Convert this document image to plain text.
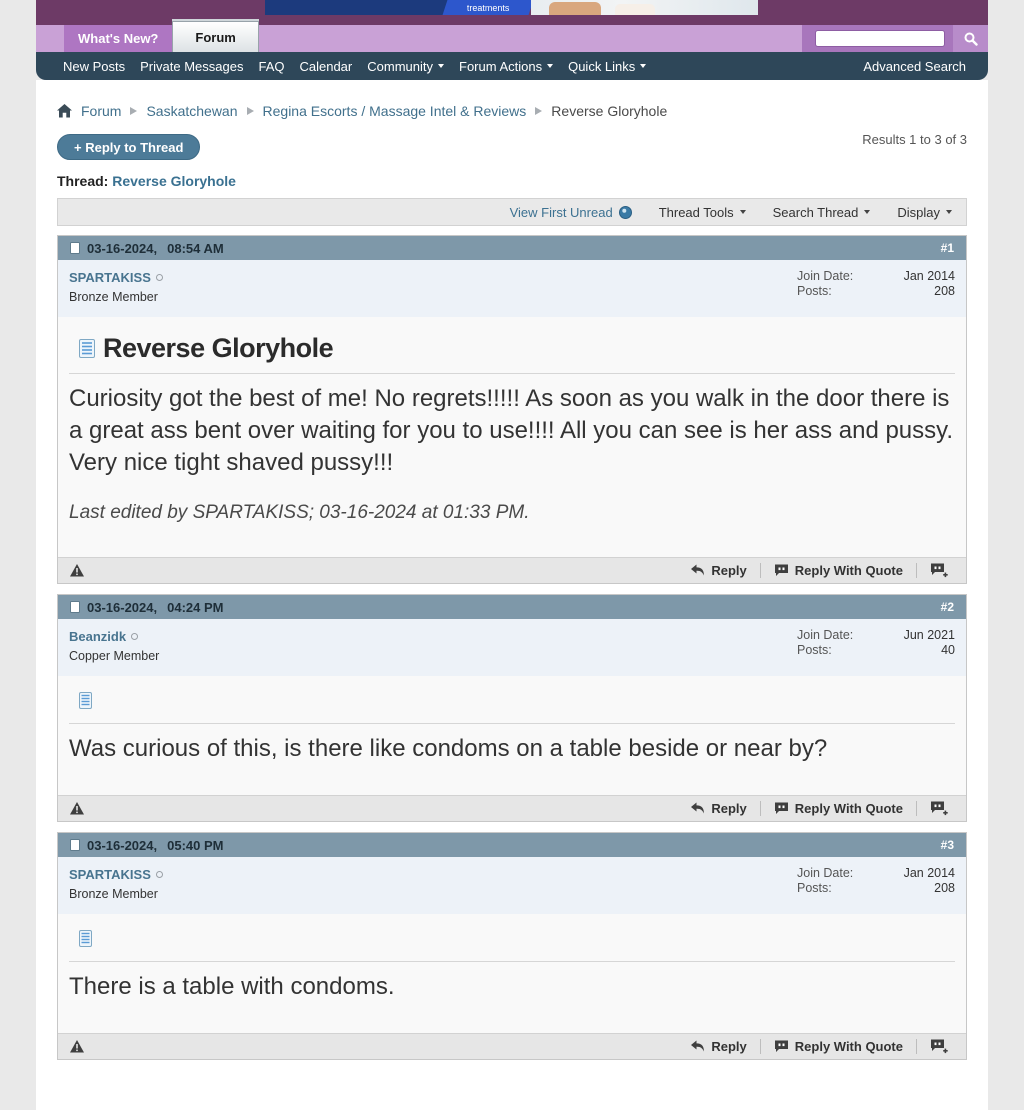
treatments
What's New?	Forum
New Posts Private Messages FAQ Calendar Community Forum Actions Quick Links	Advanced Search
Forum Saskatchewan Regina Escorts / Massage Intel & Reviews Reverse Gloryhole
+ Reply to Thread	Results 1 to 3 of 3
Thread: Reverse Gloryhole
View First Unread	Thread Tools	Search Thread	Display
03-16-2024, 08:54 AM	#1
SPARTAKISS
Bronze Member
Join Date:	Jan 2014
Posts:	208
Reverse Gloryhole
Curiosity got the best of me! No regrets!!!!! As soon as you walk in the door there is a great ass bent over waiting for you to use!!!! All you can see is her ass and pussy. Very nice tight shaved pussy!!!
Last edited by SPARTAKISS; 03-16-2024 at 01:33 PM.
Reply	Reply With Quote
03-16-2024, 04:24 PM	#2
Beanzidk
Copper Member
Join Date:	Jun 2021
Posts:	40
Was curious of this, is there like condoms on a table beside or near by?
Reply	Reply With Quote
03-16-2024, 05:40 PM	#3
SPARTAKISS
Bronze Member
Join Date:	Jan 2014
Posts:	208
There is a table with condoms.
Reply	Reply With Quote
